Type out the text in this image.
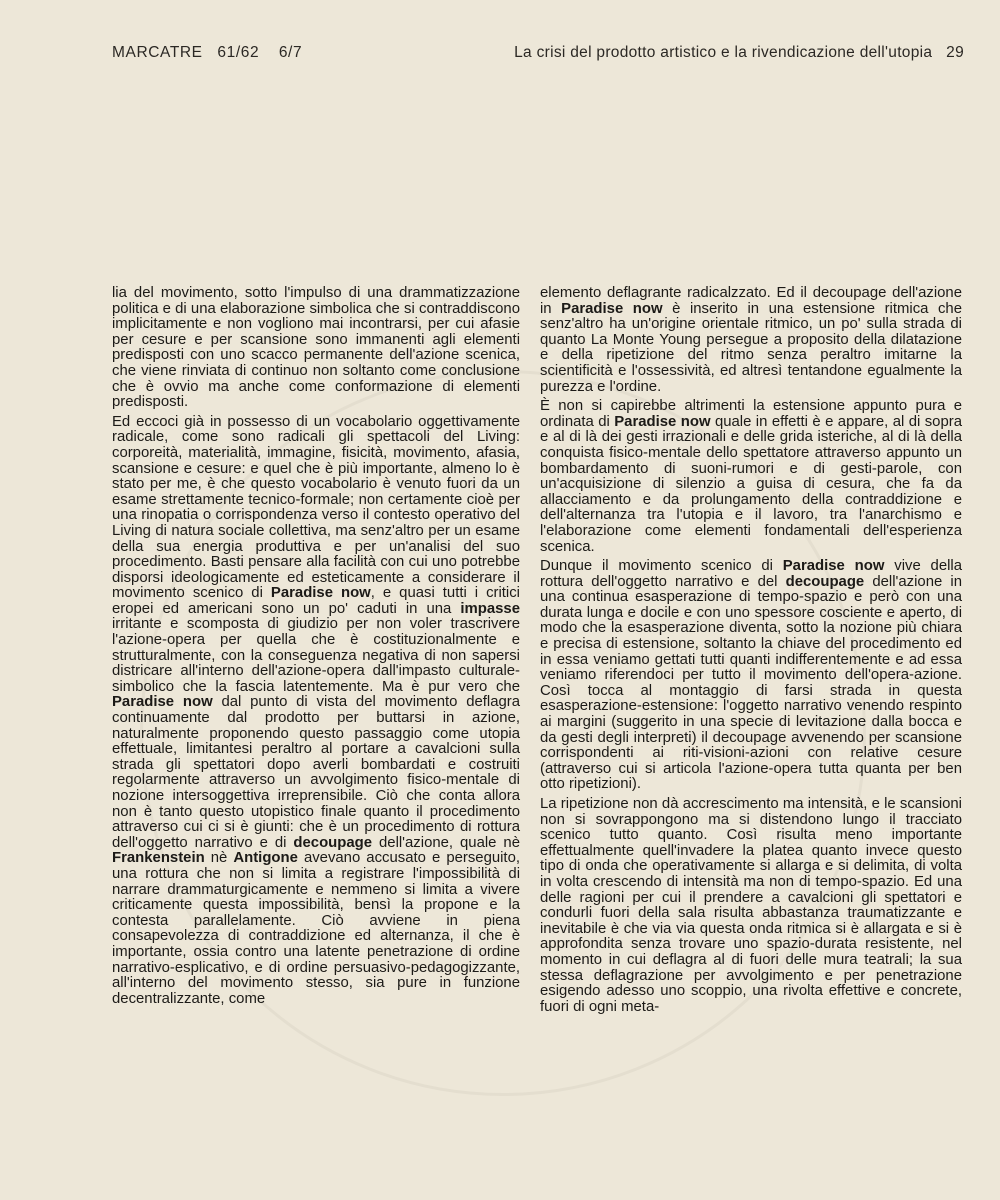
MARCATRE 61/62 6/7	La crisi del prodotto artistico e la rivendicazione dell'utopia 29

lia del movimento, sotto l'impulso di una drammatizzazione politica e di una elaborazione simbolica che si contraddiscono implicitamente e non vogliono mai incontrarsi, per cui afasie per cesure e per scansione sono immanenti agli elementi predisposti con uno scacco permanente dell'azione scenica, che viene rinviata di continuo non soltanto come conclusione che è ovvio ma anche come conformazione di elementi predisposti.

Ed eccoci già in possesso di un vocabolario oggettivamente radicale, come sono radicali gli spettacoli del Living: corporeità, materialità, immagine, fisicità, movimento, afasia, scansione e cesure: e quel che è più importante, almeno lo è stato per me, è che questo vocabolario è venuto fuori da un esame strettamente tecnico-formale; non certamente cioè per una rinopatia o corrispondenza verso il contesto operativo del Living di natura sociale collettiva, ma senz'altro per un esame della sua energia produttiva e per un'analisi del suo procedimento. Basti pensare alla facilità con cui uno potrebbe disporsi ideologicamente ed esteticamente a considerare il movimento scenico di Paradise now, e quasi tutti i critici eropei ed americani sono un po' caduti in una impasse irritante e scomposta di giudizio per non voler trascrivere l'azione-opera per quella che è costituzionalmente e strutturalmente, con la conseguenza negativa di non sapersi districare all'interno dell'azione-opera dall'impasto culturale-simbolico che la fascia latentemente. Ma è pur vero che Paradise now dal punto di vista del movimento deflagra continuamente dal prodotto per buttarsi in azione, naturalmente proponendo questo passaggio come utopia effettuale, limitantesi peraltro al portare a cavalcioni sulla strada gli spettatori dopo averli bombardati e costruiti regolarmente attraverso un avvolgimento fisico-mentale di nozione intersoggettiva irreprensibile. Ciò che conta allora non è tanto questo utopistico finale quanto il procedimento attraverso cui ci si è giunti: che è un procedimento di rottura dell'oggetto narrativo e di decoupage dell'azione, quale nè Frankenstein nè Antigone avevano accusato e perseguito, una rottura che non si limita a registrare l'impossibilità di narrare drammaturgicamente e nemmeno si limita a vivere criticamente questa impossibilità, bensì la propone e la contesta parallelamente. Ciò avviene in piena consapevolezza di contraddizione ed alternanza, il che è importante, ossia contro una latente penetrazione di ordine narrativo-esplicativo, e di ordine persuasivo-pedagogizzante, all'interno del movimento stesso, sia pure in funzione decentralizzante, come

elemento deflagrante radicalzzato. Ed il decoupage dell'azione in Paradise now è inserito in una estensione ritmica che senz'altro ha un'origine orientale ritmico, un po' sulla strada di quanto La Monte Young persegue a proposito della dilatazione e della ripetizione del ritmo senza peraltro imitarne la scientificità e l'ossessività, ed altresì tentandone egualmente la purezza e l'ordine.

È non si capirebbe altrimenti la estensione appunto pura e ordinata di Paradise now quale in effetti è e appare, al di sopra e al di là dei gesti irrazionali e delle grida isteriche, al di là della conquista fisico-mentale dello spettatore attraverso appunto un bombardamento di suoni-rumori e di gesti-parole, con un'acquisizione di silenzio a guisa di cesura, che fa da allacciamento e da prolungamento della contraddizione e dell'alternanza tra l'utopia e il lavoro, tra l'anarchismo e l'elaborazione come elementi fondamentali dell'esperienza scenica.

Dunque il movimento scenico di Paradise now vive della rottura dell'oggetto narrativo e del decoupage dell'azione in una continua esasperazione di tempo-spazio e però con una durata lunga e docile e con uno spessore cosciente e aperto, di modo che la esasperazione diventa, sotto la nozione più chiara e precisa di estensione, soltanto la chiave del procedimento ed in essa veniamo gettati tutti quanti indifferentemente e ad essa veniamo riferendoci per tutto il movimento dell'opera-azione. Così tocca al montaggio di farsi strada in questa esasperazione-estensione: l'oggetto narrativo venendo respinto ai margini (suggerito in una specie di levitazione dalla bocca e da gesti degli interpreti) il decoupage avvenendo per scansione corrispondenti ai riti-visioni-azioni con relative cesure (attraverso cui si articola l'azione-opera tutta quanta per ben otto ripetizioni).

La ripetizione non dà accrescimento ma intensità, e le scansioni non si sovrappongono ma si distendono lungo il tracciato scenico tutto quanto. Così risulta meno importante effettualmente quell'invadere la platea quanto invece questo tipo di onda che operativamente si allarga e si delimita, di volta in volta crescendo di intensità ma non di tempo-spazio. Ed una delle ragioni per cui il prendere a cavalcioni gli spettatori e condurli fuori della sala risulta abbastanza traumatizzante e inevitabile è che via via questa onda ritmica si è allargata e si è approfondita senza trovare uno spazio-durata resistente, nel momento in cui deflagra al di fuori delle mura teatrali; la sua stessa deflagrazione per avvolgimento e per penetrazione esigendo adesso uno scoppio, una rivolta effettive e concrete, fuori di ogni meta-
